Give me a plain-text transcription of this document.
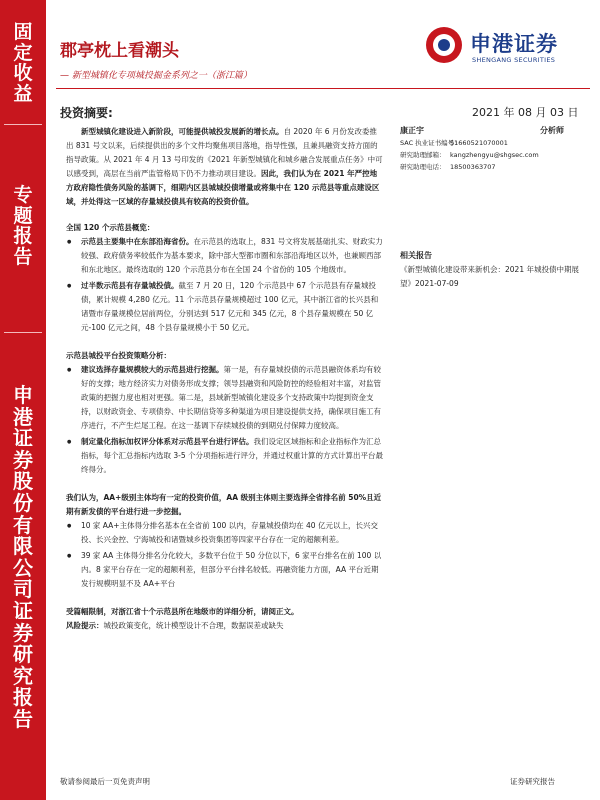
固
定
收
益
专
题
报
告
申
港
证
券
股
份
有
限
公
司
证
券
研
究
报
告
郡亭枕上看潮头
— 新型城镇化专项城投掘金系列之一（浙江篇）
申港证券
SHENGANG SECURITIES
投资摘要:	2021 年 08 月 03 日

新型城镇化建设进入新阶段，可能提供城投发展新的增长点。自 2020 年 6 月份发改委推出 831 号文以来，后续提供出的多个文件均聚焦项目落地，指导性强，且兼具融资支持方面的指导政策。从 2021 年 4 月 13 号印发的《2021 年新型城镇化和城乡融合发展重点任务》中可以感受到，高层在当前严监管格局下仍不力推动项目建设。因此，我们认为在 2021 年严控地方政府隐性债务风险的基调下，细期内区县城城投债增量或将集中在 120 示范县等重点建设区域，并处得这一区域的存量城投债具有较高的投资价值。

全国 120 个示范县概览：

● 示范县主要集中在东部沿海省份。在示范县的选取上，831 号文将发展基础扎实、财政实力较强、政府债务率较低作为基本要求，除中部大型都市圈和东部沿海地区以外，也兼顾西部和东北地区。最终选取的 120 个示范县分布在全国 24 个省份的 105 个地级市。
● 过半数示范县有存量城投债。截至 7 月 20 日，120 个示范县中 67 个示范县有存量城投债，累计规模 4,280 亿元。11 个示范县存量规模超过 100 亿元，其中浙江省的长兴县和诸暨市存量规模位居前两位，分别达到 517 亿元和 345 亿元，8 个县存量规模在 50 亿元-100 亿元之间，48 个县存量规模小于 50 亿元。

示范县城投平台投资策略分析：

● 建议选择存量规模较大的示范县进行挖掘。第一是，有存量城投债的示范县融资体系均有较好的支撑；地方经济实力对债务形成支撑；领导县融资和风险防控的经验相对丰富，对监管政策的把握力度也相对更强。第二是，县域新型城镇化建设多个支持政策中均提到资金支持，以财政资金、专项债券、中长期信贷等多种渠道为项目建设提供支持，确保项目施工有序进行，不产生烂尾工程。在这一基调下存续城投债的到期兑付保障力度较高。
● 制定量化指标加权评分体系对示范县平台进行评估。我们设定区域指标和企业指标作为汇总指标，每个汇总指标内选取 3-5 个分项指标进行评分，并通过权重计算的方式计算出平台最终得分。

我们认为，AA+级别主体均有一定的投资价值，AA 级别主体则主要选择全省排名前 50%且近期有新发债的平台进行进一步挖掘。

● 10 家 AA+主体得分排名基本在全省前 100 以内，存量城投债均在 40 亿元以上，长兴交投、长兴金控、宁海城投和诸暨城乡投资集团等四家平台存在一定的超额利差。
● 39 家 AA 主体得分排名分化较大，多数平台位于 50 分位以下，6 家平台排名在前 100 以内。8 家平台存在一定的超额利差，但部分平台排名较低。再融资能力方面，AA 平台近期发行规模明显不及 AA+平台

受篇幅限制，对浙江省十个示范县所在地级市的详细分析，请阅正文。

风险提示：城投政策变化，统计模型设计不合理，数据误差或缺失

康正宇	分析师
SAC 执业证书编号：S1660521070001
研究助理邮箱： kangzhengyu@shgsec.com
研究助理电话： 18500363707
相关报告
《新型城镇化建设带来新机会：2021 年城投债中期展望》2021-07-09
敬请参阅最后一页免责声明	证券研究报告
